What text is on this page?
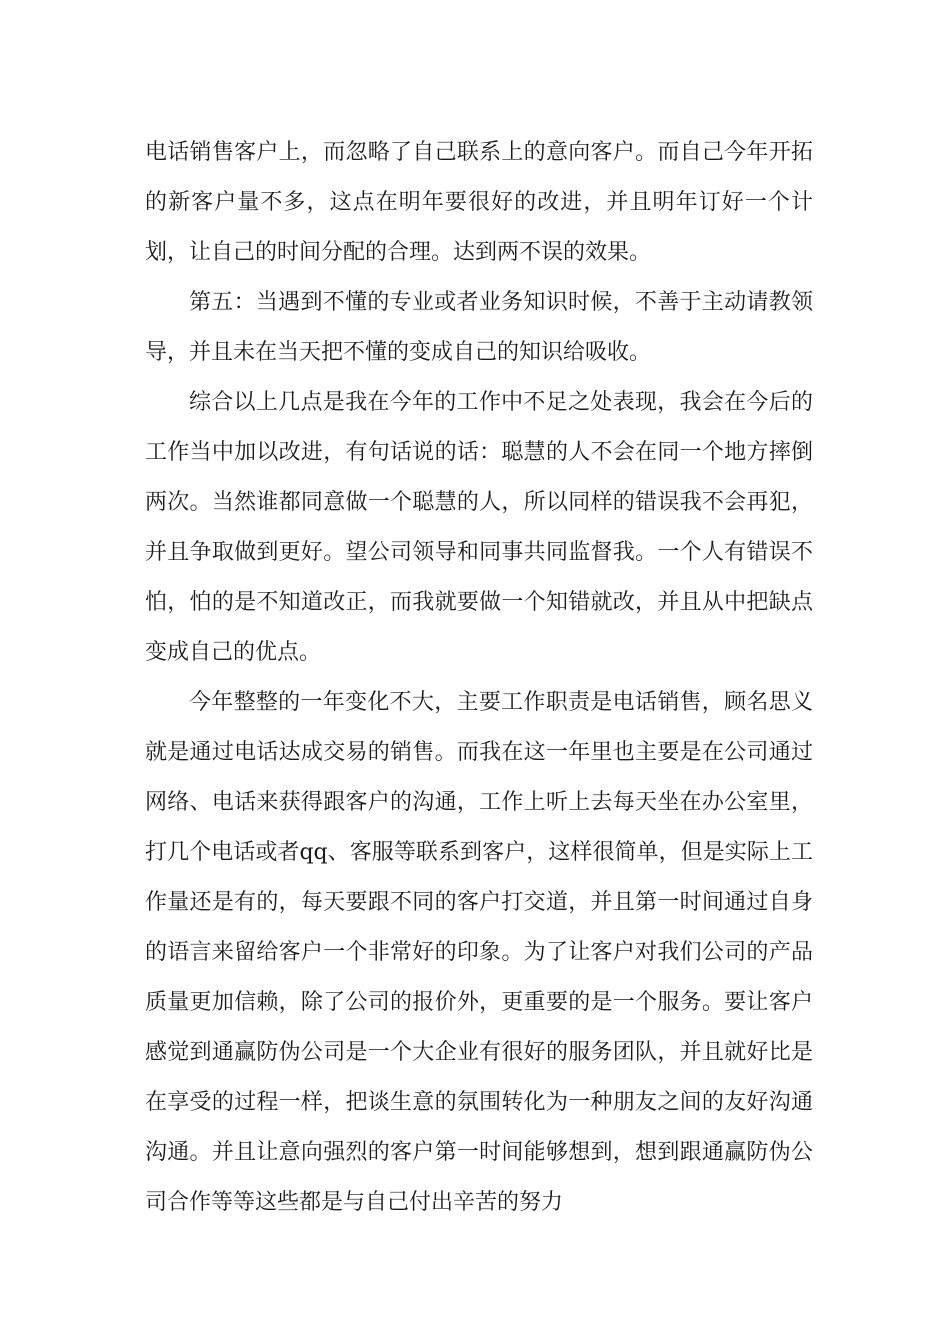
电话销售客户上，而忽略了自己联系上的意向客户。而自己今年开拓的新客户量不多，这点在明年要很好的改进，并且明年订好一个计划，让自己的时间分配的合理。达到两不误的效果。

第五：当遇到不懂的专业或者业务知识时候，不善于主动请教领导，并且未在当天把不懂的变成自己的知识给吸收。

综合以上几点是我在今年的工作中不足之处表现，我会在今后的工作当中加以改进，有句话说的话：聪慧的人不会在同一个地方摔倒两次。当然谁都同意做一个聪慧的人，所以同样的错误我不会再犯，并且争取做到更好。望公司领导和同事共同监督我。一个人有错误不怕，怕的是不知道改正，而我就要做一个知错就改，并且从中把缺点变成自己的优点。

今年整整的一年变化不大，主要工作职责是电话销售，顾名思义就是通过电话达成交易的销售。而我在这一年里也主要是在公司通过网络、电话来获得跟客户的沟通，工作上听上去每天坐在办公室里，打几个电话或者qq、客服等联系到客户，这样很简单，但是实际上工作量还是有的，每天要跟不同的客户打交道，并且第一时间通过自身的语言来留给客户一个非常好的印象。为了让客户对我们公司的产品质量更加信赖，除了公司的报价外，更重要的是一个服务。要让客户感觉到通赢防伪公司是一个大企业有很好的服务团队，并且就好比是在享受的过程一样，把谈生意的氛围转化为一种朋友之间的友好沟通沟通。并且让意向强烈的客户第一时间能够想到，想到跟通赢防伪公司合作等等这些都是与自己付出辛苦的努力
